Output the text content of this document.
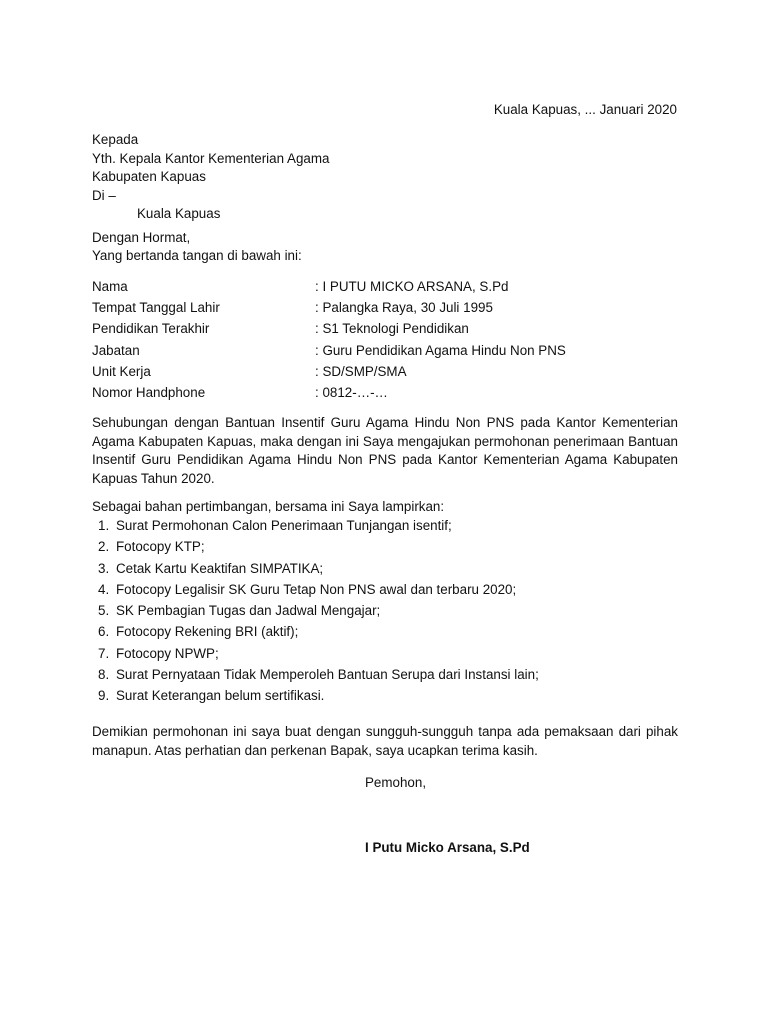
Kuala Kapuas, ... Januari 2020
Kepada
Yth. Kepala Kantor Kementerian Agama
Kabupaten Kapuas
Di –
Kuala Kapuas
Dengan Hormat,
Yang bertanda tangan di bawah ini:
Nama	: I PUTU MICKO ARSANA, S.Pd
Tempat Tanggal Lahir	: Palangka Raya, 30 Juli 1995
Pendidikan Terakhir	: S1 Teknologi Pendidikan
Jabatan	: Guru Pendidikan Agama Hindu Non PNS
Unit Kerja	: SD/SMP/SMA
Nomor Handphone	: 0812-…-…
Sehubungan dengan Bantuan Insentif Guru Agama Hindu Non PNS pada Kantor Kementerian Agama Kabupaten Kapuas, maka dengan ini Saya mengajukan permohonan penerimaan Bantuan Insentif Guru Pendidikan Agama Hindu Non PNS pada Kantor Kementerian Agama Kabupaten Kapuas Tahun 2020.
Sebagai bahan pertimbangan, bersama ini Saya lampirkan:
1. Surat Permohonan Calon Penerimaan Tunjangan isentif;
2. Fotocopy KTP;
3. Cetak Kartu Keaktifan SIMPATIKA;
4. Fotocopy Legalisir SK Guru Tetap Non PNS awal dan terbaru 2020;
5. SK Pembagian Tugas dan Jadwal Mengajar;
6. Fotocopy Rekening BRI (aktif);
7. Fotocopy NPWP;
8. Surat Pernyataan Tidak Memperoleh Bantuan Serupa dari Instansi lain;
9. Surat Keterangan belum sertifikasi.
Demikian permohonan ini saya buat dengan sungguh-sungguh tanpa ada pemaksaan dari pihak manapun. Atas perhatian dan perkenan Bapak, saya ucapkan terima kasih.
Pemohon,
I Putu Micko Arsana, S.Pd
